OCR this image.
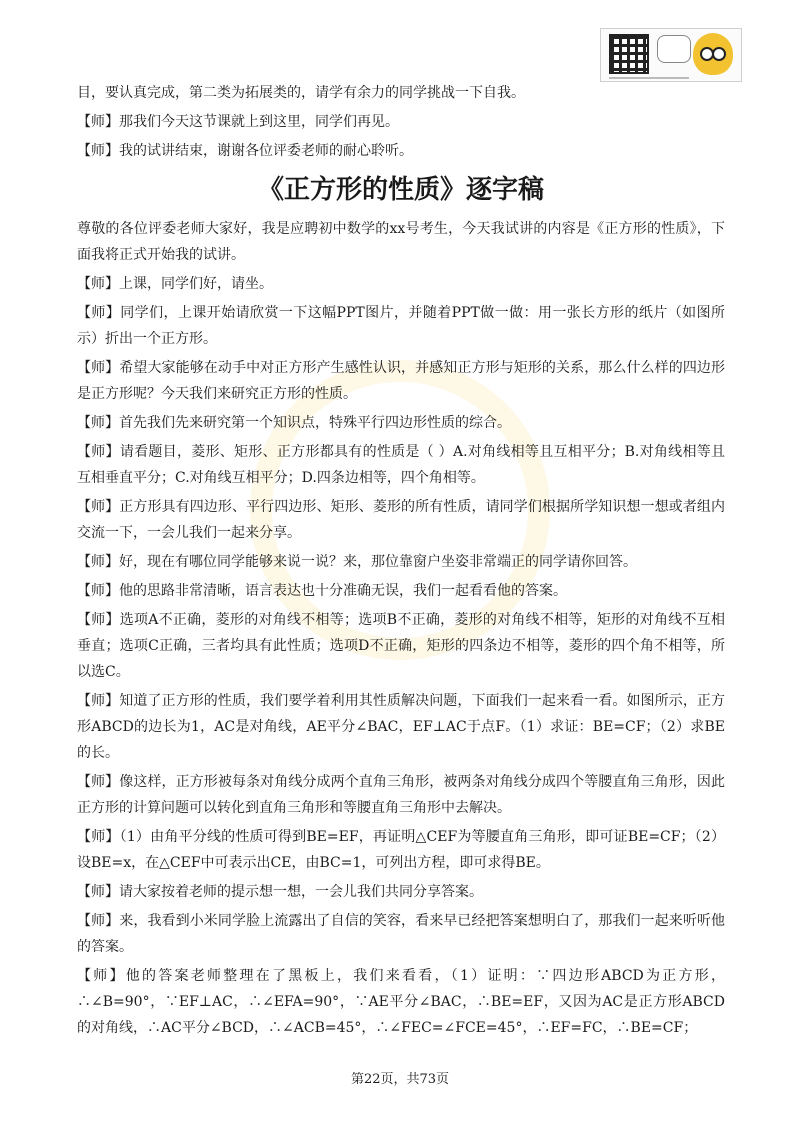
目，要认真完成，第二类为拓展类的，请学有余力的同学挑战一下自我。

【师】那我们今天这节课就上到这里，同学们再见。

【师】我的试讲结束，谢谢各位评委老师的耐心聆听。

《正方形的性质》逐字稿

尊敬的各位评委老师大家好，我是应聘初中数学的xx号考生，今天我试讲的内容是《正方形的性质》，下面我将正式开始我的试讲。

【师】上课，同学们好，请坐。

【师】同学们，上课开始请欣赏一下这幅PPT图片，并随着PPT做一做：用一张长方形的纸片（如图所示）折出一个正方形。

【师】希望大家能够在动手中对正方形产生感性认识，并感知正方形与矩形的关系，那么什么样的四边形是正方形呢？今天我们来研究正方形的性质。

【师】首先我们先来研究第一个知识点，特殊平行四边形性质的综合。

【师】请看题目，菱形、矩形、正方形都具有的性质是（ ）A.对角线相等且互相平分；B.对角线相等且互相垂直平分；C.对角线互相平分；D.四条边相等，四个角相等。

【师】正方形具有四边形、平行四边形、矩形、菱形的所有性质，请同学们根据所学知识想一想或者组内交流一下，一会儿我们一起来分享。

【师】好，现在有哪位同学能够来说一说？来，那位靠窗户坐姿非常端正的同学请你回答。

【师】他的思路非常清晰，语言表达也十分准确无误，我们一起看看他的答案。

【师】选项A不正确，菱形的对角线不相等；选项B不正确，菱形的对角线不相等，矩形的对角线不互相垂直；选项C正确，三者均具有此性质；选项D不正确，矩形的四条边不相等，菱形的四个角不相等，所以选C。

【师】知道了正方形的性质，我们要学着利用其性质解决问题，下面我们一起来看一看。如图所示，正方形ABCD的边长为1，AC是对角线，AE平分∠BAC，EF⊥AC于点F。（1）求证：BE=CF；（2）求BE的长。

【师】像这样，正方形被每条对角线分成两个直角三角形，被两条对角线分成四个等腰直角三角形，因此正方形的计算问题可以转化到直角三角形和等腰直角三角形中去解决。

【师】（1）由角平分线的性质可得到BE=EF，再证明△CEF为等腰直角三角形，即可证BE=CF；（2）设BE=x，在△CEF中可表示出CE，由BC=1，可列出方程，即可求得BE。

【师】请大家按着老师的提示想一想，一会儿我们共同分享答案。

【师】来，我看到小米同学脸上流露出了自信的笑容，看来早已经把答案想明白了，那我们一起来听听他的答案。

【师】他的答案老师整理在了黑板上，我们来看看，（1）证明：∵四边形ABCD为正方形，∴∠B=90°，∵EF⊥AC，∴∠EFA=90°，∵AE平分∠BAC，∴BE=EF，又因为AC是正方形ABCD的对角线，∴AC平分∠BCD，∴∠ACB=45°，∴∠FEC=∠FCE=45°，∴EF=FC，∴BE=CF；

第22页，共73页
